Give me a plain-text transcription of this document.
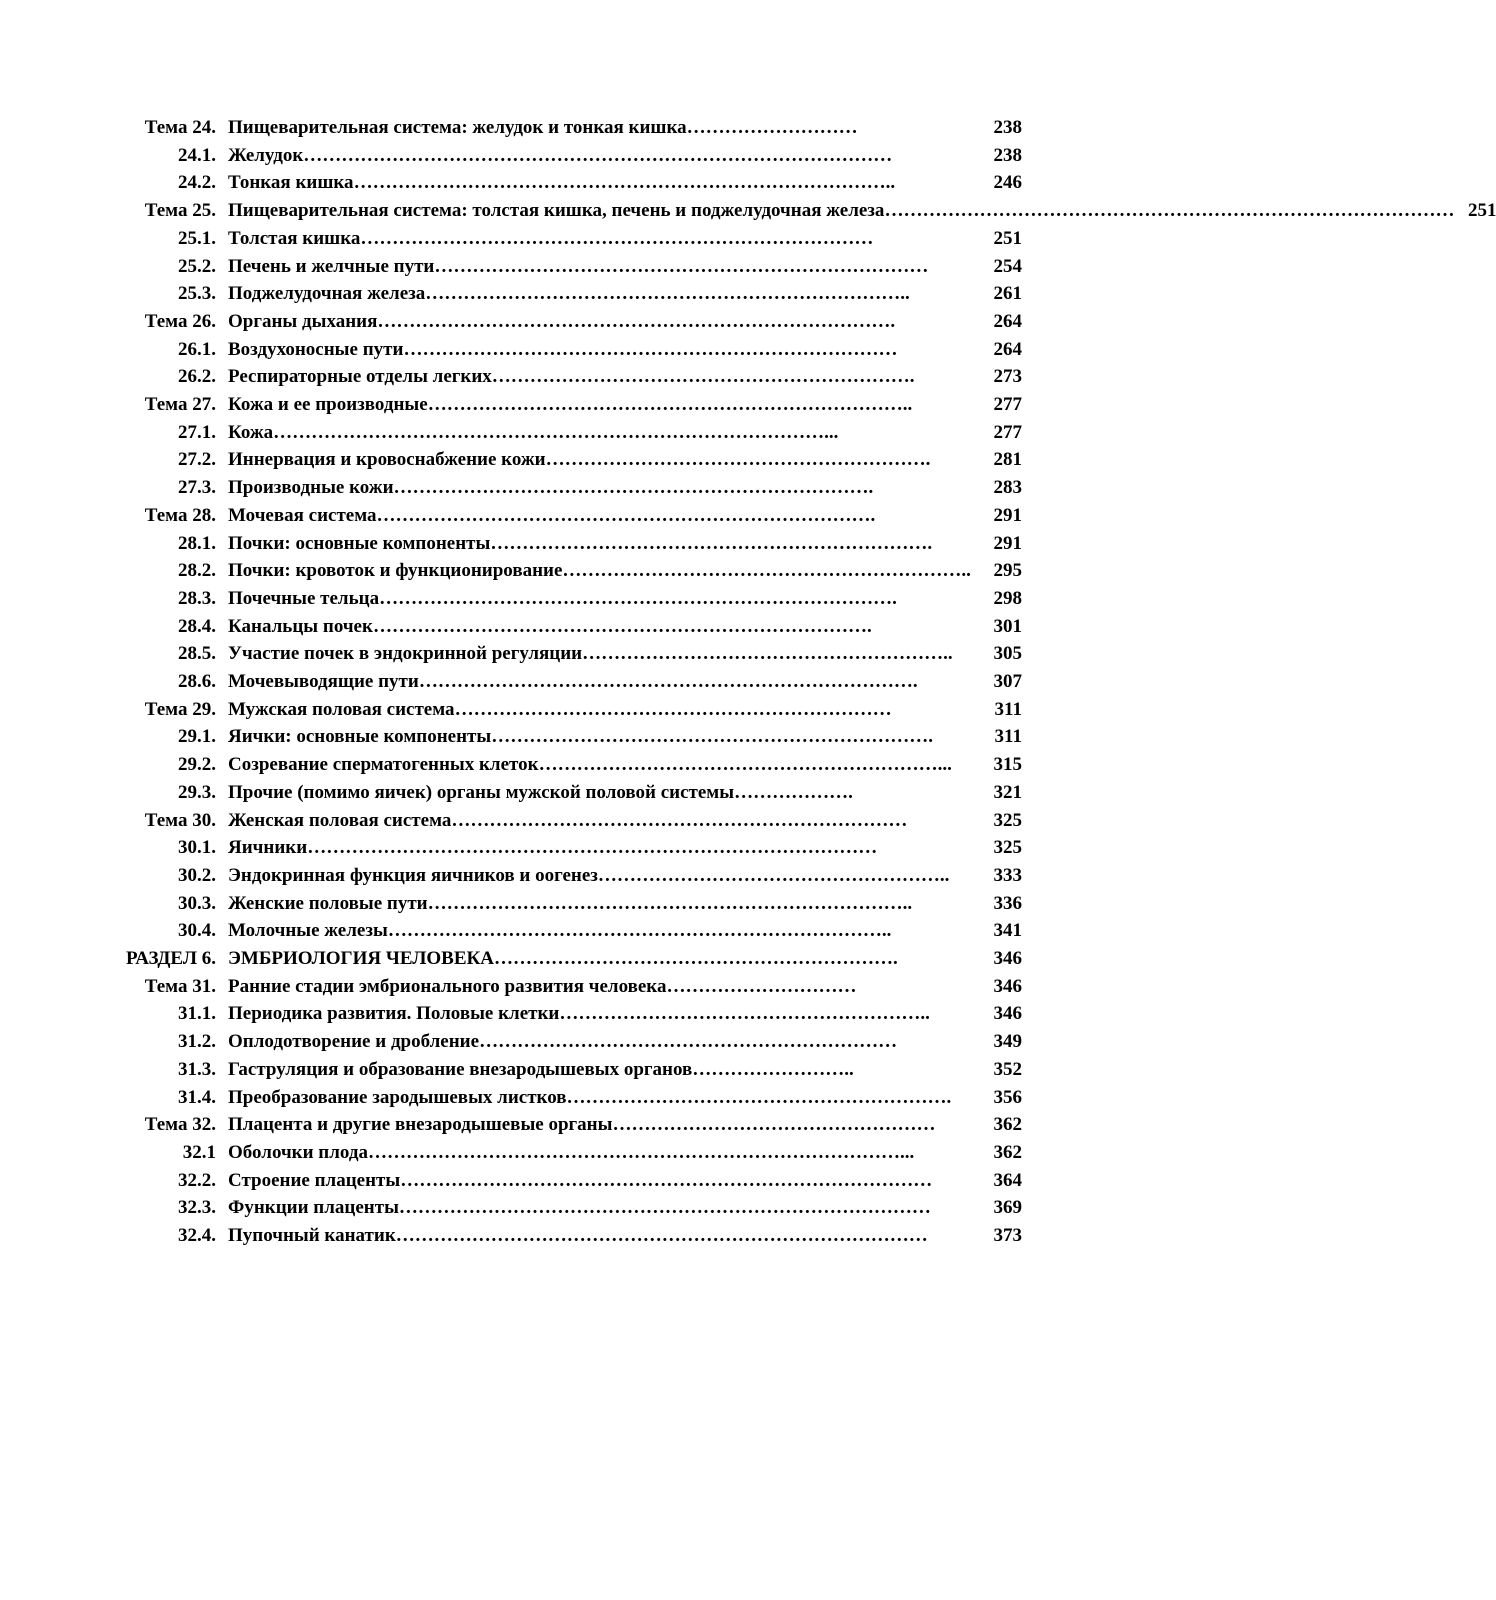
Тема 24. Пищеварительная система: желудок и тонкая кишка………………………	238
24.1. Желудок…………………………………………………………………………………	238
24.2. Тонкая кишка…………………………………………………………………………..	246
Тема 25. Пищеварительная система: толстая кишка, печень и поджелудочная железа……………………………………………………………………………… 251
25.1. Толстая кишка………………………………………………………………………	251
25.2. Печень и желчные пути……………………………………………………………………	254
25.3. Поджелудочная железа…………………………………………………………………..	261
Тема 26. Органы дыхания……………………………………………………………………….	264
26.1. Воздухоносные пути……………………………………………………………………	264
26.2. Респираторные отделы легких………………………………………………………….	273
Тема 27. Кожа и ее производные…………………………………………………………………..	277
27.1. Кожа……………………………………………………………………………...	277
27.2. Иннервация и кровоснабжение кожи…………………………………………………….	281
27.3. Производные кожи………………………………………………………………….	283
Тема 28. Мочевая система…………………………………………………………………….	291
28.1. Почки: основные компоненты…………………………………………………………….	291
28.2. Почки: кровоток и функционирование………………………………………………………..	295
28.3. Почечные тельца……………………………………………………………………….	298
28.4. Канальцы почек…………………………………………………………………….	301
28.5. Участие почек в эндокринной регуляции…………………………………………………..	305
28.6. Мочевыводящие пути…………………………………………………………………….	307
Тема 29. Мужская половая система……………………………………………………………	311
29.1. Яички: основные компоненты…………………………………………………………….	311
29.2. Созревание сперматогенных клеток………………………………………………………...	315
29.3. Прочие (помимо яичек) органы мужской половой системы……………….	321
Тема 30. Женская половая система………………………………………………………………	325
30.1. Яичники………………………………………………………………………………	325
30.2. Эндокринная функция яичников и оогенез………………………………………………..	333
30.3. Женские половые пути…………………………………………………………………..	336
30.4. Молочные железы……………………………………………………………………..	341
РАЗДЕЛ 6. ЭМБРИОЛОГИЯ ЧЕЛОВЕКА……………………………………………………….	346
Тема 31. Ранние стадии эмбрионального развития человека…………………………	346
31.1. Периодика развития. Половые клетки…………………………………………………..	346
31.2. Оплодотворение и дробление…………………………………………………………	349
31.3. Гаструляция и образование внезародышевых органов……………………..	352
31.4. Преобразование зародышевых листков…………………………………………………….	356
Тема 32. Плацента и другие внезародышевые органы……………………………………………	362
32.1 Оболочки плода…………………………………………………………………………...	362
32.2. Строение плаценты…………………………………………………………………………	364
32.3. Функции плаценты…………………………………………………………………………	369
32.4. Пупочный канатик…………………………………………………………………………	373
